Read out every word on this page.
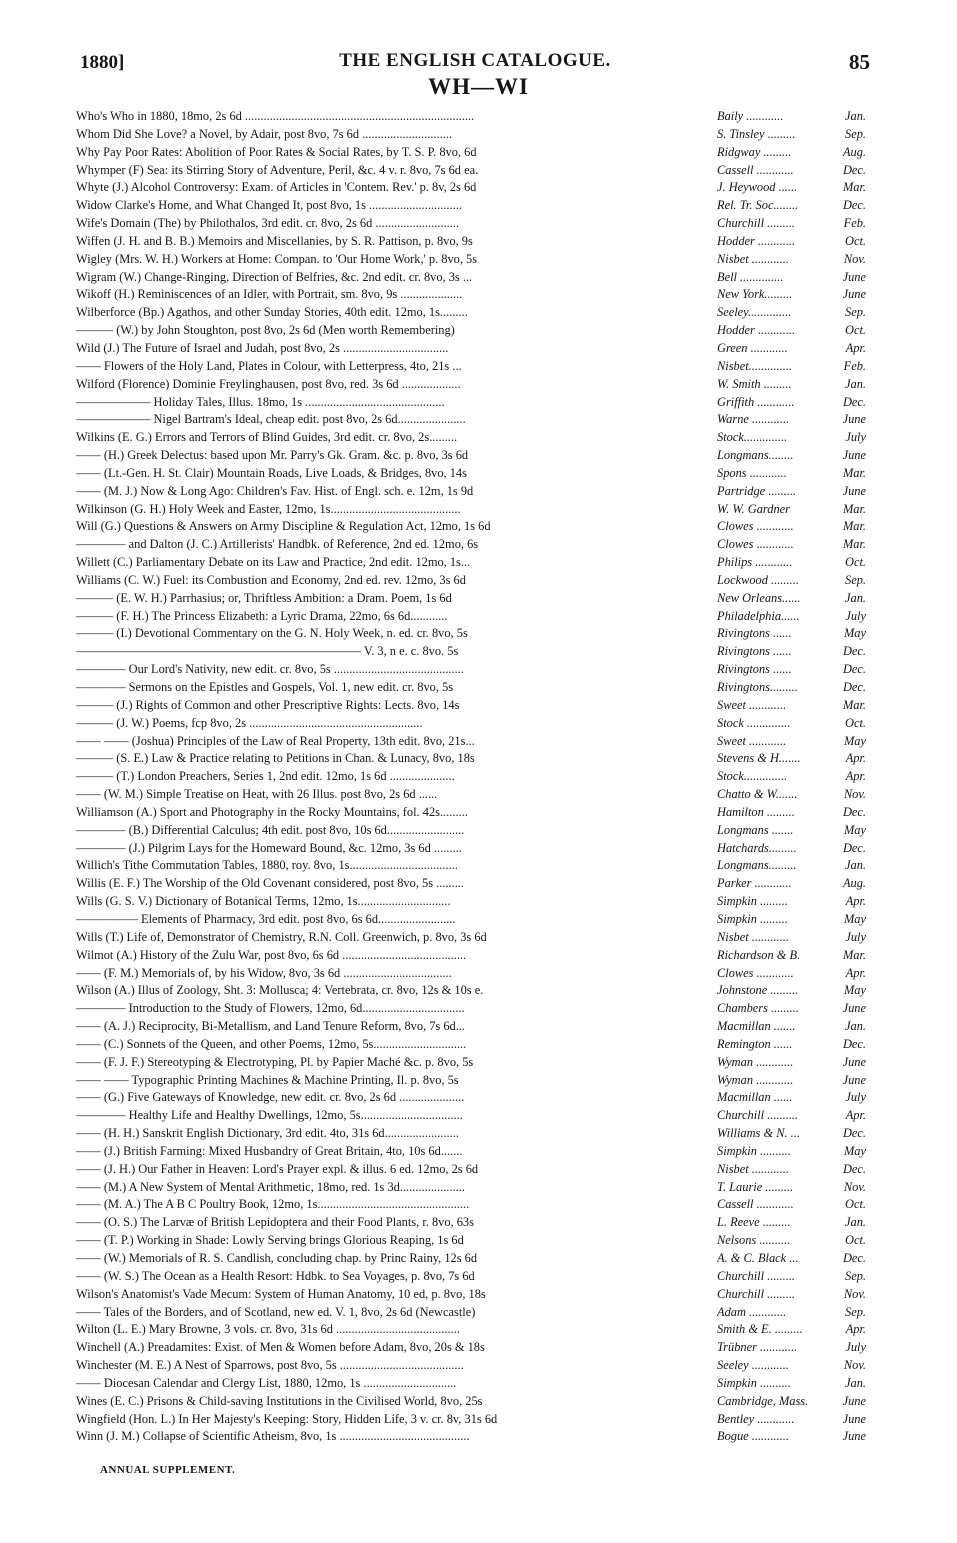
1880]	THE ENGLISH CATALOGUE.	85
WH—WI
Who's Who in 1880, 18mo, 2s 6d ..........................................................................	Baily ............	Jan.
Whom Did She Love? a Novel, by Adair, post 8vo, 7s 6d .............................	S. Tinsley .........	Sep.
Why Pay Poor Rates: Abolition of Poor Rates & Social Rates, by T. S. P. 8vo, 6d	Ridgway .........	Aug.
Whymper (F) Sea: its Stirring Story of Adventure, Peril, &c. 4 v. r. 8vo, 7s 6d ea.	Cassell ............	Dec.
Whyte (J.) Alcohol Controversy: Exam. of Articles in 'Contem. Rev.' p. 8v, 2s 6d	J. Heywood ......	Mar.
Widow Clarke's Home, and What Changed It, post 8vo, 1s ..............................	Rel. Tr. Soc........	Dec.
Wife's Domain (The) by Philothalos, 3rd edit. cr. 8vo, 2s 6d ...........................	Churchill .........	Feb.
Wiffen (J. H. and B. B.) Memoirs and Miscellanies, by S. R. Pattison, p. 8vo, 9s	Hodder ............	Oct.
Wigley (Mrs. W. H.) Workers at Home: Compan. to 'Our Home Work,' p. 8vo, 5s	Nisbet ............	Nov.
Wigram (W.) Change-Ringing, Direction of Belfries, &c. 2nd edit. cr. 8vo, 3s ...	Bell ..............	June
Wikoff (H.) Reminiscences of an Idler, with Portrait, sm. 8vo, 9s ....................	New York.........	June
Wilberforce (Bp.) Agathos, and other Sunday Stories, 40th edit. 12mo, 1s.........	Seeley..............	Sep.
——— (W.) by John Stoughton, post 8vo, 2s 6d (Men worth Remembering)	Hodder ............	Oct.
Wild (J.) The Future of Israel and Judah, post 8vo, 2s ..................................	Green ............	Apr.
—— Flowers of the Holy Land, Plates in Colour, with Letterpress, 4to, 21s ...	Nisbet..............	Feb.
Wilford (Florence) Dominie Freylinghausen, post 8vo, red. 3s 6d ...................	W. Smith .........	Jan.
—————— Holiday Tales, Illus. 18mo, 1s .............................................	Griffith ............	Dec.
—————— Nigel Bartram's Ideal, cheap edit. post 8vo, 2s 6d......................	Warne ............	June
Wilkins (E. G.) Errors and Terrors of Blind Guides, 3rd edit. cr. 8vo, 2s.........	Stock..............	July
—— (H.) Greek Delectus: based upon Mr. Parry's Gk. Gram. &c. p. 8vo, 3s 6d	Longmans........	June
—— (Lt.-Gen. H. St. Clair) Mountain Roads, Live Loads, & Bridges, 8vo, 14s	Spons ............	Mar.
—— (M. J.) Now & Long Ago: Children's Fav. Hist. of Engl. sch. e. 12m, 1s 9d	Partridge .........	June
Wilkinson (G. H.) Holy Week and Easter, 12mo, 1s..........................................	W. W. Gardner	Mar.
Will (G.) Questions & Answers on Army Discipline & Regulation Act, 12mo, 1s 6d	Clowes ............	Mar.
———— and Dalton (J. C.) Artillerists' Handbk. of Reference, 2nd ed. 12mo, 6s	Clowes ............	Mar.
Willett (C.) Parliamentary Debate on its Law and Practice, 2nd edit. 12mo, 1s...	Philips ............	Oct.
Williams (C. W.) Fuel: its Combustion and Economy, 2nd ed. rev. 12mo, 3s 6d	Lockwood .........	Sep.
——— (E. W. H.) Parrhasius; or, Thriftless Ambition: a Dram. Poem, 1s 6d	New Orleans......	Jan.
——— (F. H.) The Princess Elizabeth: a Lyric Drama, 22mo, 6s 6d............	Philadelphia......	July
——— (I.) Devotional Commentary on the G. N. Holy Week, n. ed. cr. 8vo, 5s	Rivingtons ......	May
——————————————————————— V. 3, n e. c. 8vo. 5s	Rivingtons ......	Dec.
———— Our Lord's Nativity, new edit. cr. 8vo, 5s ..........................................	Rivingtons ......	Dec.
———— Sermons on the Epistles and Gospels, Vol. 1, new edit. cr. 8vo, 5s	Rivingtons.........	Dec.
——— (J.) Rights of Common and other Prescriptive Rights: Lects. 8vo, 14s	Sweet ............	Mar.
——— (J. W.) Poems, fcp 8vo, 2s ........................................................	Stock ..............	Oct.
—— —— (Joshua) Principles of the Law of Real Property, 13th edit. 8vo, 21s...	Sweet ............	May
——— (S. E.) Law & Practice relating to Petitions in Chan. & Lunacy, 8vo, 18s	Stevens & H.......	Apr.
——— (T.) London Preachers, Series 1, 2nd edit. 12mo, 1s 6d .....................	Stock..............	Apr.
—— (W. M.) Simple Treatise on Heat, with 26 Illus. post 8vo, 2s 6d ......	Chatto & W.......	Nov.
Williamson (A.) Sport and Photography in the Rocky Mountains, fol. 42s.........	Hamilton .........	Dec.
———— (B.) Differential Calculus; 4th edit. post 8vo, 10s 6d.........................	Longmans .......	May
———— (J.) Pilgrim Lays for the Homeward Bound, &c. 12mo, 3s 6d .........	Hatchards.........	Dec.
Willich's Tithe Commutation Tables, 1880, roy. 8vo, 1s...................................	Longmans.........	Jan.
Willis (E. F.) The Worship of the Old Covenant considered, post 8vo, 5s .........	Parker ............	Aug.
Wills (G. S. V.) Dictionary of Botanical Terms, 12mo, 1s..............................	Simpkin .........	Apr.
————— Elements of Pharmacy, 3rd edit. post 8vo, 6s 6d.........................	Simpkin .........	May
Wills (T.) Life of, Demonstrator of Chemistry, R.N. Coll. Greenwich, p. 8vo, 3s 6d	Nisbet ............	July
Wilmot (A.) History of the Zulu War, post 8vo, 6s 6d ........................................	Richardson & B.	Mar.
—— (F. M.) Memorials of, by his Widow, 8vo, 3s 6d ...................................	Clowes ............	Apr.
Wilson (A.) Illus of Zoology, Sht. 3: Mollusca; 4: Vertebrata, cr. 8vo, 12s & 10s e.	Johnstone .........	May
———— Introduction to the Study of Flowers, 12mo, 6d.................................	Chambers .........	June
—— (A. J.) Reciprocity, Bi-Metallism, and Land Tenure Reform, 8vo, 7s 6d...	Macmillan .......	Jan.
—— (C.) Sonnets of the Queen, and other Poems, 12mo, 5s..............................	Remington ......	Dec.
—— (F. J. F.) Stereotyping & Electrotyping, Pl. by Papier Maché &c. p. 8vo, 5s	Wyman ............	June
—— —— Typographic Printing Machines & Machine Printing, Il. p. 8vo, 5s	Wyman ............	June
—— (G.) Five Gateways of Knowledge, new edit. cr. 8vo, 2s 6d .....................	Macmillan ......	July
———— Healthy Life and Healthy Dwellings, 12mo, 5s.................................	Churchill ..........	Apr.
—— (H. H.) Sanskrit English Dictionary, 3rd edit. 4to, 31s 6d........................	Williams & N. ...	Dec.
—— (J.) British Farming: Mixed Husbandry of Great Britain, 4to, 10s 6d.......	Simpkin ..........	May
—— (J. H.) Our Father in Heaven: Lord's Prayer expl. & illus. 6 ed. 12mo, 2s 6d	Nisbet ............	Dec.
—— (M.) A New System of Mental Arithmetic, 18mo, red. 1s 3d.....................	T. Laurie .........	Nov.
—— (M. A.) The A B C Poultry Book, 12mo, 1s.................................................	Cassell ............	Oct.
—— (O. S.) The Larvæ of British Lepidoptera and their Food Plants, r. 8vo, 63s	L. Reeve .........	Jan.
—— (T. P.) Working in Shade: Lowly Serving brings Glorious Reaping, 1s 6d	Nelsons ..........	Oct.
—— (W.) Memorials of R. S. Candlish, concluding chap. by Princ Rainy, 12s 6d	A. & C. Black ...	Dec.
—— (W. S.) The Ocean as a Health Resort: Hdbk. to Sea Voyages, p. 8vo, 7s 6d	Churchill .........	Sep.
Wilson's Anatomist's Vade Mecum: System of Human Anatomy, 10 ed, p. 8vo, 18s	Churchill .........	Nov.
—— Tales of the Borders, and of Scotland, new ed. V. 1, 8vo, 2s 6d (Newcastle)	Adam ............	Sep.
Wilton (L. E.) Mary Browne, 3 vols. cr. 8vo, 31s 6d ........................................	Smith & E. .........	Apr.
Winchell (A.) Preadamites: Exist. of Men & Women before Adam, 8vo, 20s & 18s	Trübner ............	July
Winchester (M. E.) A Nest of Sparrows, post 8vo, 5s ........................................	Seeley ............	Nov.
—— Diocesan Calendar and Clergy List, 1880, 12mo, 1s ..............................	Simpkin ..........	Jan.
Wines (E. C.) Prisons & Child-saving Institutions in the Civilised World, 8vo, 25s	Cambridge, Mass.	June
Wingfield (Hon. L.) In Her Majesty's Keeping: Story, Hidden Life, 3 v. cr. 8v, 31s 6d	Bentley ............	June
Winn (J. M.) Collapse of Scientific Atheism, 8vo, 1s ..........................................	Bogue ............	June
ANNUAL SUPPLEMENT.
